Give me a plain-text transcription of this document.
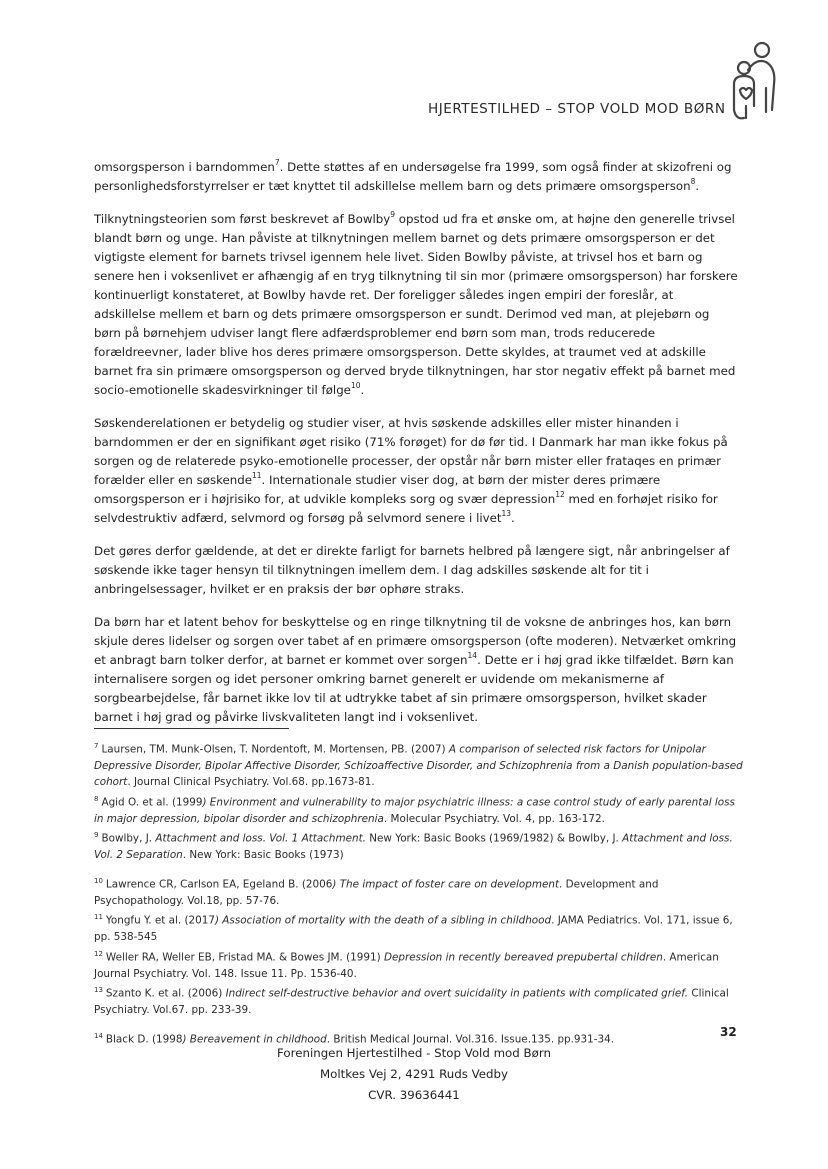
HJERTESTILHED – STOP VOLD MOD BØRN

omsorgsperson i barndommen$^7$. Dette støttes af en undersøgelse fra 1999, som også finder at skizofreni og personlighedsforstyrrelser er tæt knyttet til adskillelse mellem barn og dets primære omsorgsperson$^8$.

Tilknytningsteorien som først beskrevet af Bowlby$^9$ opstod ud fra et ønske om, at højne den generelle trivsel blandt børn og unge. Han påviste at tilknytningen mellem barnet og dets primære omsorgsperson er det vigtigste element for barnets trivsel igennem hele livet. Siden Bowlby påviste, at trivsel hos et barn og senere hen i voksenlivet er afhængig af en tryg tilknytning til sin mor (primære omsorgsperson) har forskere kontinuerligt konstateret, at Bowlby havde ret. Der foreligger således ingen empiri der foreslår, at adskillelse mellem et barn og dets primære omsorgsperson er sundt. Derimod ved man, at plejebørn og børn på børnehjem udviser langt flere adfærdsproblemer end børn som man, trods reducerede forældreevner, lader blive hos deres primære omsorgsperson. Dette skyldes, at traumet ved at adskille barnet fra sin primære omsorgsperson og derved bryde tilknytningen, har stor negativ effekt på barnet med socio-emotionelle skadesvirkninger til følge$^{10}$.

Søskenderelationen er betydelig og studier viser, at hvis søskende adskilles eller mister hinanden i barndommen er der en signifikant øget risiko (71% forøget) for dø før tid. I Danmark har man ikke fokus på sorgen og de relaterede psyko-emotionelle processer, der opstår når børn mister eller frataqes en primær forælder eller en søskende$^{11}$. Internationale studier viser dog, at børn der mister deres primære omsorgsperson er i højrisiko for, at udvikle kompleks sorg og svær depression$^{12}$ med en forhøjet risiko for selvdestruktiv adfærd, selvmord og forsøg på selvmord senere i livet$^{13}$.

Det gøres derfor gældende, at det er direkte farligt for barnets helbred på længere sigt, når anbringelser af søskende ikke tager hensyn til tilknytningen imellem dem. I dag adskilles søskende alt for tit i anbringelsessager, hvilket er en praksis der bør ophøre straks.

Da børn har et latent behov for beskyttelse og en ringe tilknytning til de voksne de anbringes hos, kan børn skjule deres lidelser og sorgen over tabet af en primære omsorgsperson (ofte moderen). Netværket omkring et anbragt barn tolker derfor, at barnet er kommet over sorgen$^{14}$. Dette er i høj grad ikke tilfældet. Børn kan internalisere sorgen og idet personer omkring barnet generelt er uvidende om mekanismerne af sorgbearbejdelse, får barnet ikke lov til at udtrykke tabet af sin primære omsorgsperson, hvilket skader barnet i høj grad og påvirke livskvaliteten langt ind i voksenlivet.

$^7$ Laursen, TM. Munk-Olsen, T. Nordentoft, M. Mortensen, PB. (2007) A comparison of selected risk factors for Unipolar Depressive Disorder, Bipolar Affective Disorder, Schizoaffective Disorder, and Schizophrenia from a Danish population-based cohort. Journal Clinical Psychiatry. Vol.68. pp.1673-81.

$^8$ Agid O. et al. (1999) Environment and vulnerability to major psychiatric illness: a case control study of early parental loss in major depression, bipolar disorder and schizophrenia. Molecular Psychiatry. Vol. 4, pp. 163-172.

$^9$ Bowlby, J. Attachment and loss. Vol. 1 Attachment. New York: Basic Books (1969/1982) & Bowlby, J. Attachment and loss. Vol. 2 Separation. New York: Basic Books (1973)

$^{10}$ Lawrence CR, Carlson EA, Egeland B. (2006) The impact of foster care on development. Development and Psychopathology. Vol.18, pp. 57-76.

$^{11}$ Yongfu Y. et al. (2017) Association of mortality with the death of a sibling in childhood. JAMA Pediatrics. Vol. 171, issue 6, pp. 538-545

$^{12}$ Weller RA, Weller EB, Fristad MA. & Bowes JM. (1991) Depression in recently bereaved prepubertal children. American Journal Psychiatry. Vol. 148. Issue 11. Pp. 1536-40.

$^{13}$ Szanto K. et al. (2006) Indirect self-destructive behavior and overt suicidality in patients with complicated grief. Clinical Psychiatry. Vol.67. pp. 233-39.

$^{14}$ Black D. (1998) Bereavement in childhood. British Medical Journal. Vol.316. Issue.135. pp.931-34.

32
Foreningen Hjertestilhed - Stop Vold mod Børn
Moltkes Vej 2, 4291 Ruds Vedby
CVR. 39636441
